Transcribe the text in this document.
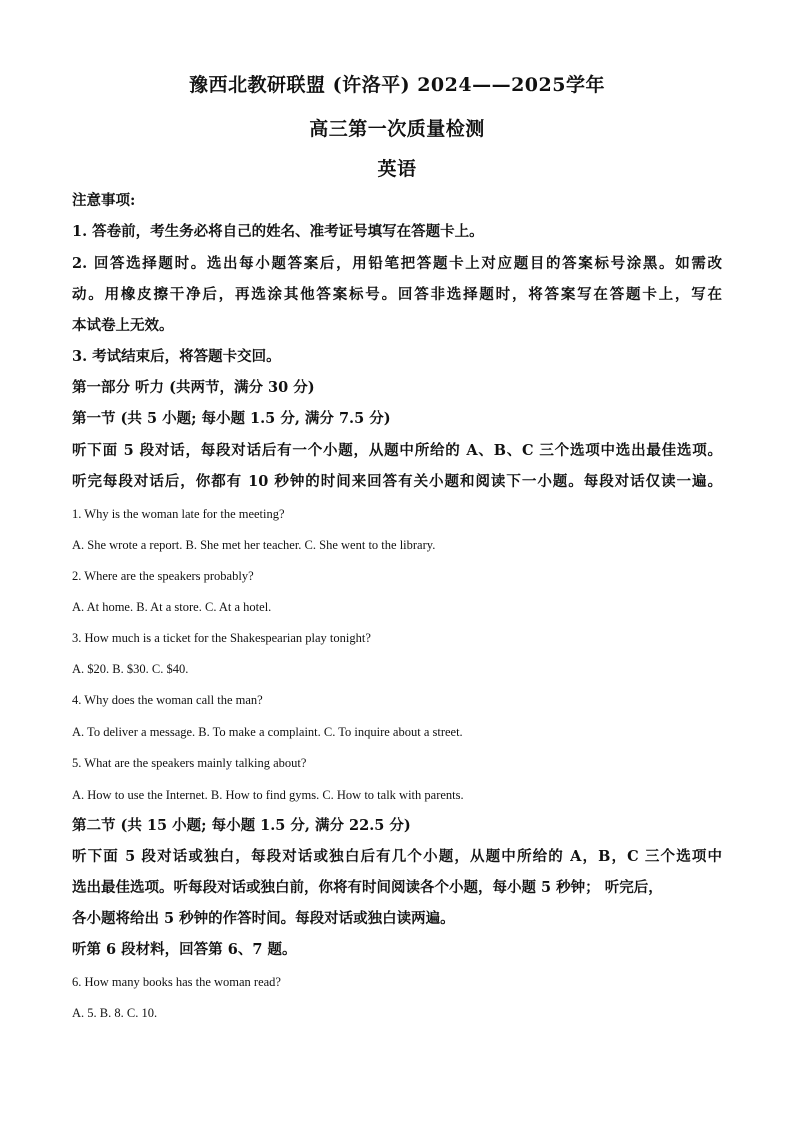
豫西北教研联盟 (许洛平) 2024——2025学年
高三第一次质量检测
英语
注意事项:
1. 答卷前，考生务必将自己的姓名、准考证号填写在答题卡上。
2. 回答选择题时。选出每小题答案后，用铅笔把答题卡上对应题目的答案标号涂黑。如需改
动。用橡皮擦干净后，再选涂其他答案标号。回答非选择题时，将答案写在答题卡上，写在
本试卷上无效。
3. 考试结束后，将答题卡交回。
第一部分 听力 (共两节，满分 30 分)
第一节 (共 5 小题; 每小题 1.5 分, 满分 7.5 分)
听下面 5 段对话，每段对话后有一个小题，从题中所给的 A、B、C 三个选项中选出最佳选项。
听完每段对话后，你都有 10 秒钟的时间来回答有关小题和阅读下一小题。每段对话仅读一遍。
1. Why is the woman late for the meeting?
A. She wrote a report. B. She met her teacher. C. She went to the library.
2. Where are the speakers probably?
A. At home. B. At a store. C. At a hotel.
3. How much is a ticket for the Shakespearian play tonight?
A. $20. B. $30. C. $40.
4. Why does the woman call the man?
A. To deliver a message. B. To make a complaint. C. To inquire about a street.
5. What are the speakers mainly talking about?
A. How to use the Internet. B. How to find gyms. C. How to talk with parents.
第二节 (共 15 小题; 每小题 1.5 分, 满分 22.5 分)
听下面 5 段对话或独白，每段对话或独白后有几个小题，从题中所给的 A，B，C 三个选项中
选出最佳选项。听每段对话或独白前，你将有时间阅读各个小题，每小题 5 秒钟； 听完后，
各小题将给出 5 秒钟的作答时间。每段对话或独白读两遍。
听第 6 段材料，回答第 6、7 题。
6. How many books has the woman read?
A. 5. B. 8. C. 10.
